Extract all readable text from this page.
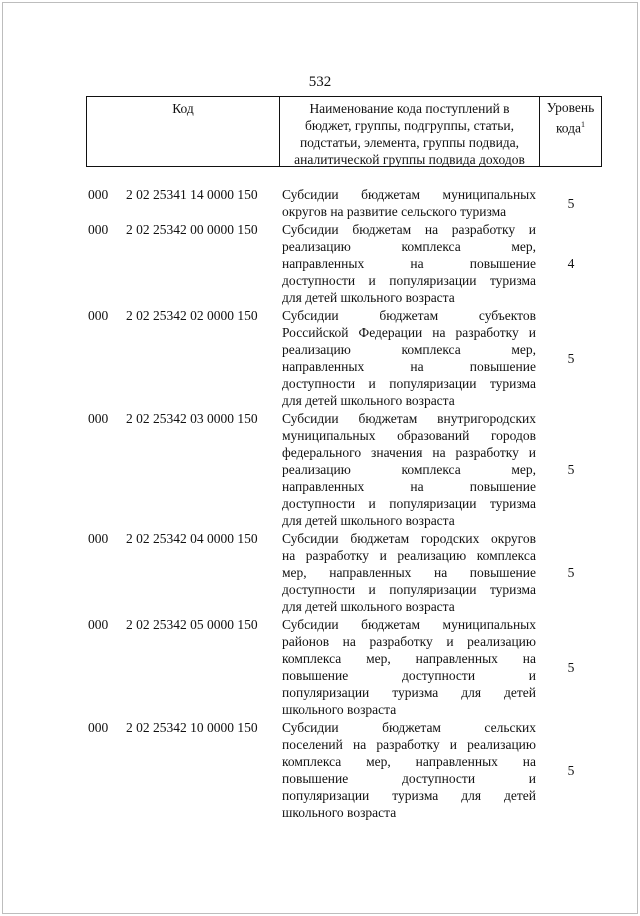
532
Код	Наименование кода поступлений в
бюджет, группы, подгруппы, статьи,
подстатьи, элемента, группы подвида,
аналитической группы подвида доходов
Уровень
кода$^1$
000	2 02 25341 14 0000 150	Субсидии бюджетам муниципальных
округов на развитие сельского туризма
5
000	2 02 25342 00 0000 150	Субсидии бюджетам на разработку и
реализацию комплекса мер,
направленных на повышение
доступности и популяризации туризма
для детей школьного возраста
4
000	2 02 25342 02 0000 150	Субсидии бюджетам субъектов
Российской Федерации на разработку и
реализацию комплекса мер,
направленных на повышение
доступности и популяризации туризма
для детей школьного возраста
5
000	2 02 25342 03 0000 150	Субсидии бюджетам внутригородских
муниципальных образований городов
федерального значения на разработку и
реализацию комплекса мер,
направленных на повышение
доступности и популяризации туризма
для детей школьного возраста
5
000	2 02 25342 04 0000 150	Субсидии бюджетам городских округов
на разработку и реализацию комплекса
мер, направленных на повышение
доступности и популяризации туризма
для детей школьного возраста
5
000	2 02 25342 05 0000 150	Субсидии бюджетам муниципальных
районов на разработку и реализацию
комплекса мер, направленных на
повышение доступности и
популяризации туризма для детей
школьного возраста
5
000	2 02 25342 10 0000 150	Субсидии бюджетам сельских
поселений на разработку и реализацию
комплекса мер, направленных на
повышение доступности и
популяризации туризма для детей
школьного возраста
5
